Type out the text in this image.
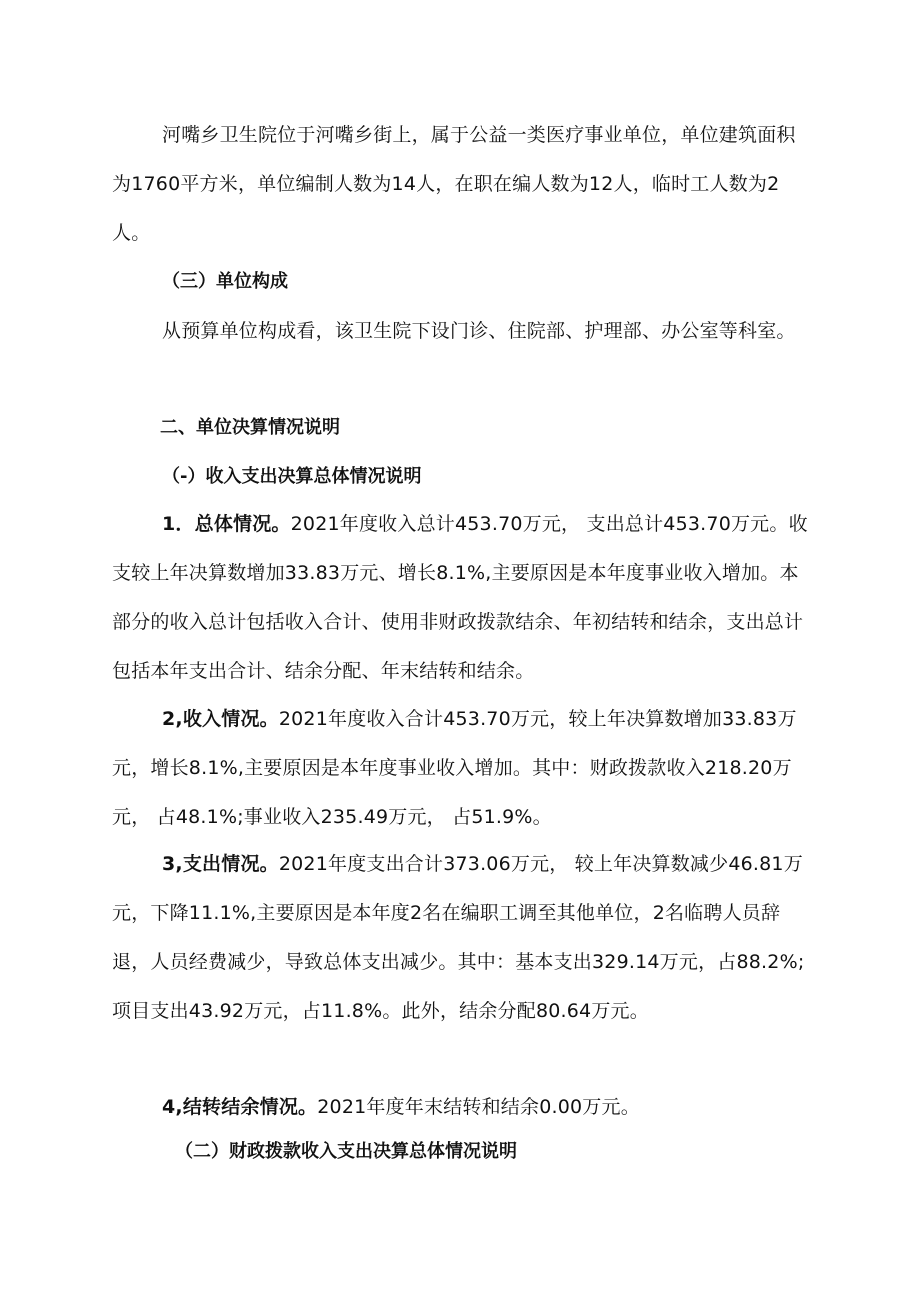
河嘴乡卫生院位于河嘴乡街上，属于公益一类医疗事业单位，单位建筑面积为1760平方米，单位编制人数为14人，在职在编人数为12人，临时工人数为2人。

（三）单位构成

从预算单位构成看，该卫生院下设门诊、住院部、护理部、办公室等科室。

二、单位决算情况说明
（-）收入支出决算总体情况说明

1．总体情况。2021年度收入总计453.70万元， 支出总计453.70万元。收支较上年决算数增加33.83万元、增长8.1%,主要原因是本年度事业收入增加。本部分的收入总计包括收入合计、使用非财政拨款结余、年初结转和结余，支出总计包括本年支出合计、结余分配、年末结转和结余。

2,收入情况。2021年度收入合计453.70万元，较上年决算数增加33.83万元，增长8.1%,主要原因是本年度事业收入增加。其中：财政拨款收入218.20万元， 占48.1%;事业收入235.49万元， 占51.9%。

3,支出情况。2021年度支出合计373.06万元， 较上年决算数减少46.81万元，下降11.1%,主要原因是本年度2名在编职工调至其他单位，2名临聘人员辞退，人员经费减少，导致总体支出减少。其中：基本支出329.14万元，占88.2%;项目支出43.92万元，占11.8%。此外，结余分配80.64万元。

4,结转结余情况。2021年度年末结转和结余0.00万元。

（二）财政拨款收入支出决算总体情况说明
